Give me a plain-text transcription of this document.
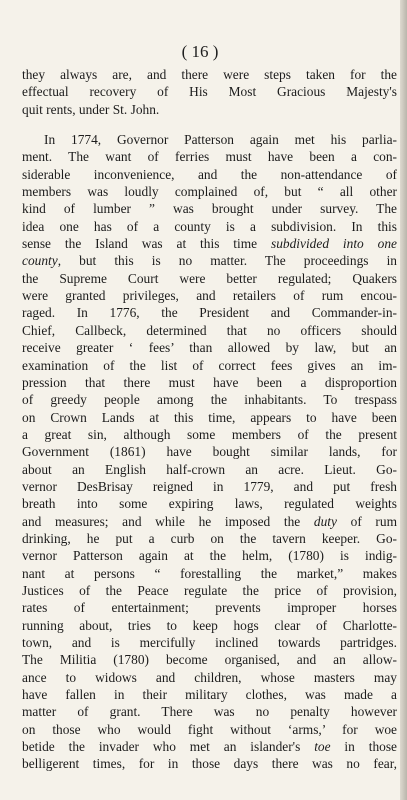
( 16 )
they always are, and there were steps taken for the
effectual recovery of His Most Gracious Majesty's
quit rents, under St. John.
In 1774, Governor Patterson again met his parlia-
ment. The want of ferries must have been a con-
siderable inconvenience, and the non-attendance of
members was loudly complained of, but “ all other
kind of lumber ” was brought under survey. The
idea one has of a county is a subdivision. In this
sense the Island was at this time subdivided into one
county, but this is no matter. The proceedings in
the Supreme Court were better regulated; Quakers
were granted privileges, and retailers of rum encou-
raged. In 1776, the President and Commander-in-
Chief, Callbeck, determined that no officers should
receive greater ‘ fees’ than allowed by law, but an
examination of the list of correct fees gives an im-
pression that there must have been a disproportion
of greedy people among the inhabitants. To trespass
on Crown Lands at this time, appears to have been
a great sin, although some members of the present
Government (1861) have bought similar lands, for
about an English half-crown an acre. Lieut. Go-
vernor DesBrisay reigned in 1779, and put fresh
breath into some expiring laws, regulated weights
and measures; and while he imposed the duty of rum
drinking, he put a curb on the tavern keeper. Go-
vernor Patterson again at the helm, (1780) is indig-
nant at persons “ forestalling the market,” makes
Justices of the Peace regulate the price of provision,
rates of entertainment; prevents improper horses
running about, tries to keep hogs clear of Charlotte-
town, and is mercifully inclined towards partridges.
The Militia (1780) become organised, and an allow-
ance to widows and children, whose masters may
have fallen in their military clothes, was made a
matter of grant. There was no penalty however
on those who would fight without ‘arms,’ for woe
betide the invader who met an islander's toe in those
belligerent times, for in those days there was no fear,
